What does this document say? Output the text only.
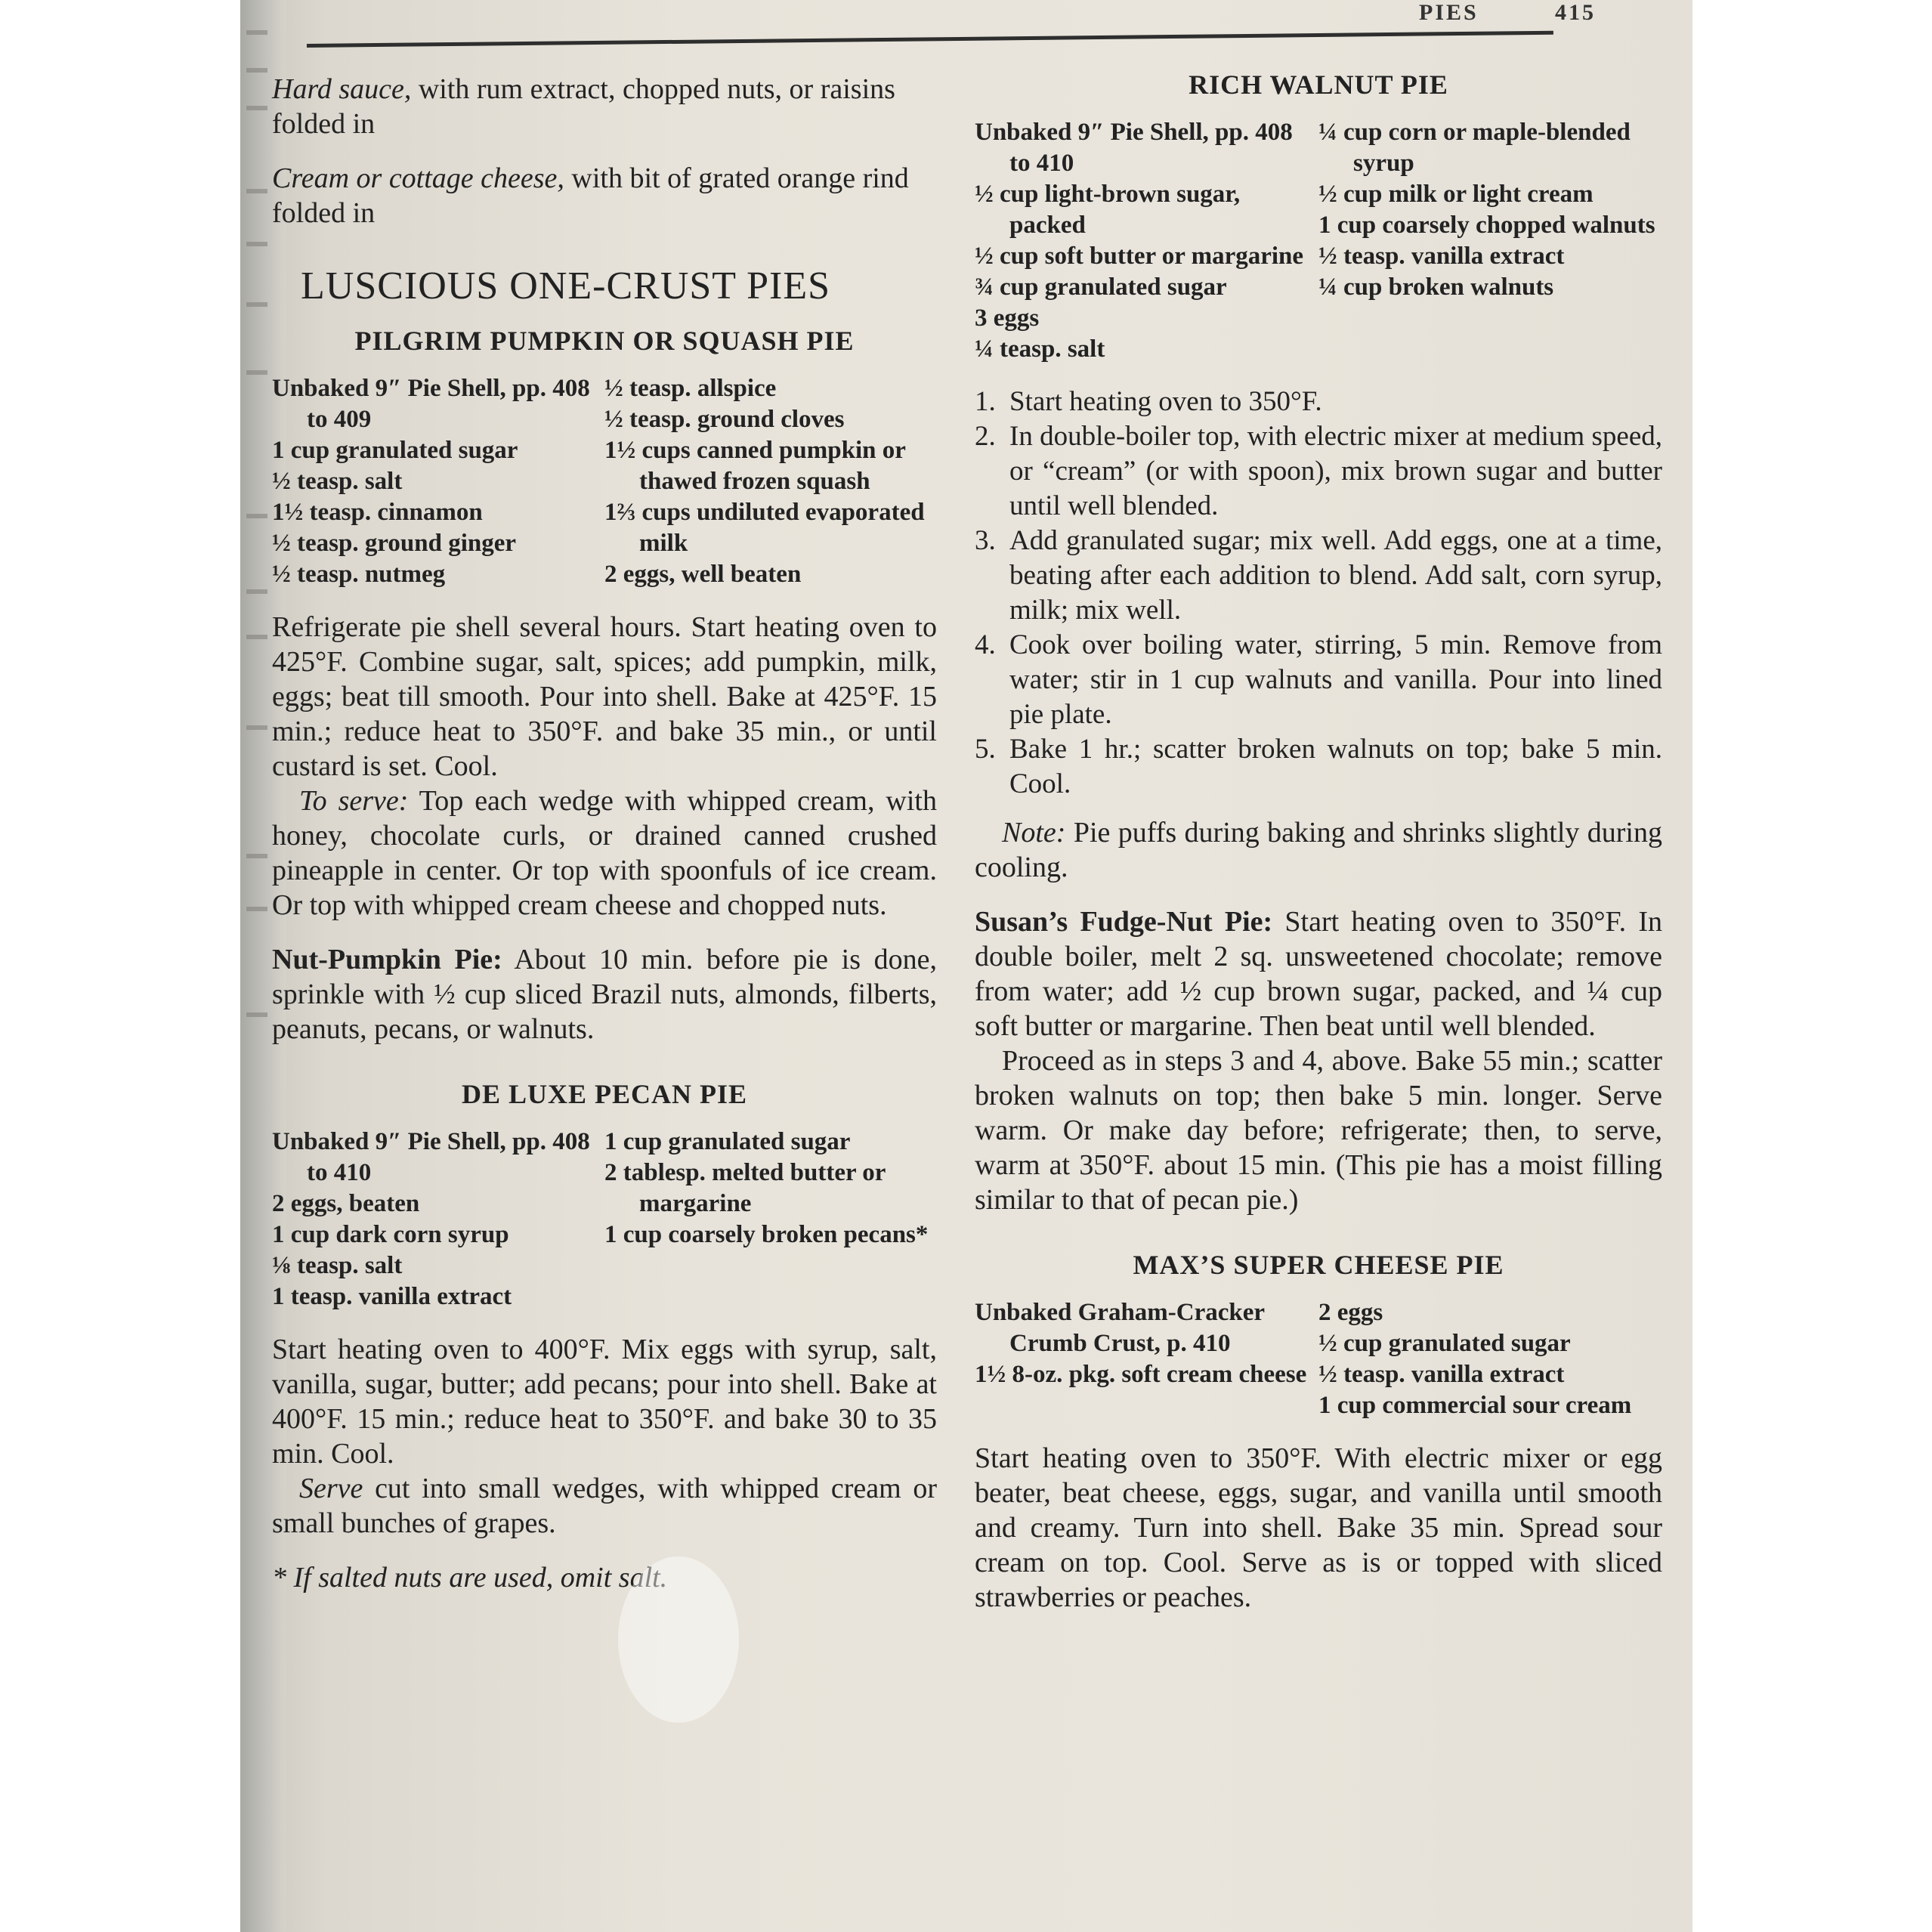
PIES	415

Hard sauce, with rum extract, chopped nuts, or raisins folded in

Cream or cottage cheese, with bit of grated orange rind folded in

LUSCIOUS ONE-CRUST PIES
PILGRIM PUMPKIN OR SQUASH PIE
Unbaked 9″ Pie Shell, pp. 408 to 409
1 cup granulated sugar
½ teasp. salt
1½ teasp. cinnamon
½ teasp. ground ginger
½ teasp. nutmeg
½ teasp. allspice
½ teasp. ground cloves
1½ cups canned pumpkin or thawed frozen squash
1⅔ cups undiluted evaporated milk
2 eggs, well beaten

Refrigerate pie shell several hours. Start heating oven to 425°F. Combine sugar, salt, spices; add pumpkin, milk, eggs; beat till smooth. Pour into shell. Bake at 425°F. 15 min.; reduce heat to 350°F. and bake 35 min., or until custard is set. Cool.

To serve: Top each wedge with whipped cream, with honey, chocolate curls, or drained canned crushed pineapple in center. Or top with spoonfuls of ice cream. Or top with whipped cream cheese and chopped nuts.

Nut-Pumpkin Pie: About 10 min. before pie is done, sprinkle with ½ cup sliced Brazil nuts, almonds, filberts, peanuts, pecans, or walnuts.

DE LUXE PECAN PIE
Unbaked 9″ Pie Shell, pp. 408 to 410
2 eggs, beaten
1 cup dark corn syrup
⅛ teasp. salt
1 teasp. vanilla extract
1 cup granulated sugar
2 tablesp. melted butter or margarine
1 cup coarsely broken pecans*

Start heating oven to 400°F. Mix eggs with syrup, salt, vanilla, sugar, butter; add pecans; pour into shell. Bake at 400°F. 15 min.; reduce heat to 350°F. and bake 30 to 35 min. Cool.

Serve cut into small wedges, with whipped cream or small bunches of grapes.

* If salted nuts are used, omit salt.

RICH WALNUT PIE
Unbaked 9″ Pie Shell, pp. 408 to 410
½ cup light-brown sugar, packed
½ cup soft butter or margarine
¾ cup granulated sugar
3 eggs
¼ teasp. salt
¼ cup corn or maple-blended syrup
½ cup milk or light cream
1 cup coarsely chopped walnuts
½ teasp. vanilla extract
¼ cup broken walnuts
1. Start heating oven to 350°F.
2. In double-boiler top, with electric mixer at medium speed, or “cream” (or with spoon), mix brown sugar and butter until well blended.
3. Add granulated sugar; mix well. Add eggs, one at a time, beating after each addition to blend. Add salt, corn syrup, milk; mix well.
4. Cook over boiling water, stirring, 5 min. Remove from water; stir in 1 cup walnuts and vanilla. Pour into lined pie plate.
5. Bake 1 hr.; scatter broken walnuts on top; bake 5 min. Cool.

Note: Pie puffs during baking and shrinks slightly during cooling.

Susan’s Fudge-Nut Pie: Start heating oven to 350°F. In double boiler, melt 2 sq. unsweetened chocolate; remove from water; add ½ cup brown sugar, packed, and ¼ cup soft butter or margarine. Then beat until well blended.

Proceed as in steps 3 and 4, above. Bake 55 min.; scatter broken walnuts on top; then bake 5 min. longer. Serve warm. Or make day before; refrigerate; then, to serve, warm at 350°F. about 15 min. (This pie has a moist filling similar to that of pecan pie.)

MAX’S SUPER CHEESE PIE
Unbaked Graham-Cracker Crumb Crust, p. 410
1½ 8-oz. pkg. soft cream cheese
2 eggs
½ cup granulated sugar
½ teasp. vanilla extract
1 cup commercial sour cream

Start heating oven to 350°F. With electric mixer or egg beater, beat cheese, eggs, sugar, and vanilla until smooth and creamy. Turn into shell. Bake 35 min. Spread sour cream on top. Cool. Serve as is or topped with sliced strawberries or peaches.
